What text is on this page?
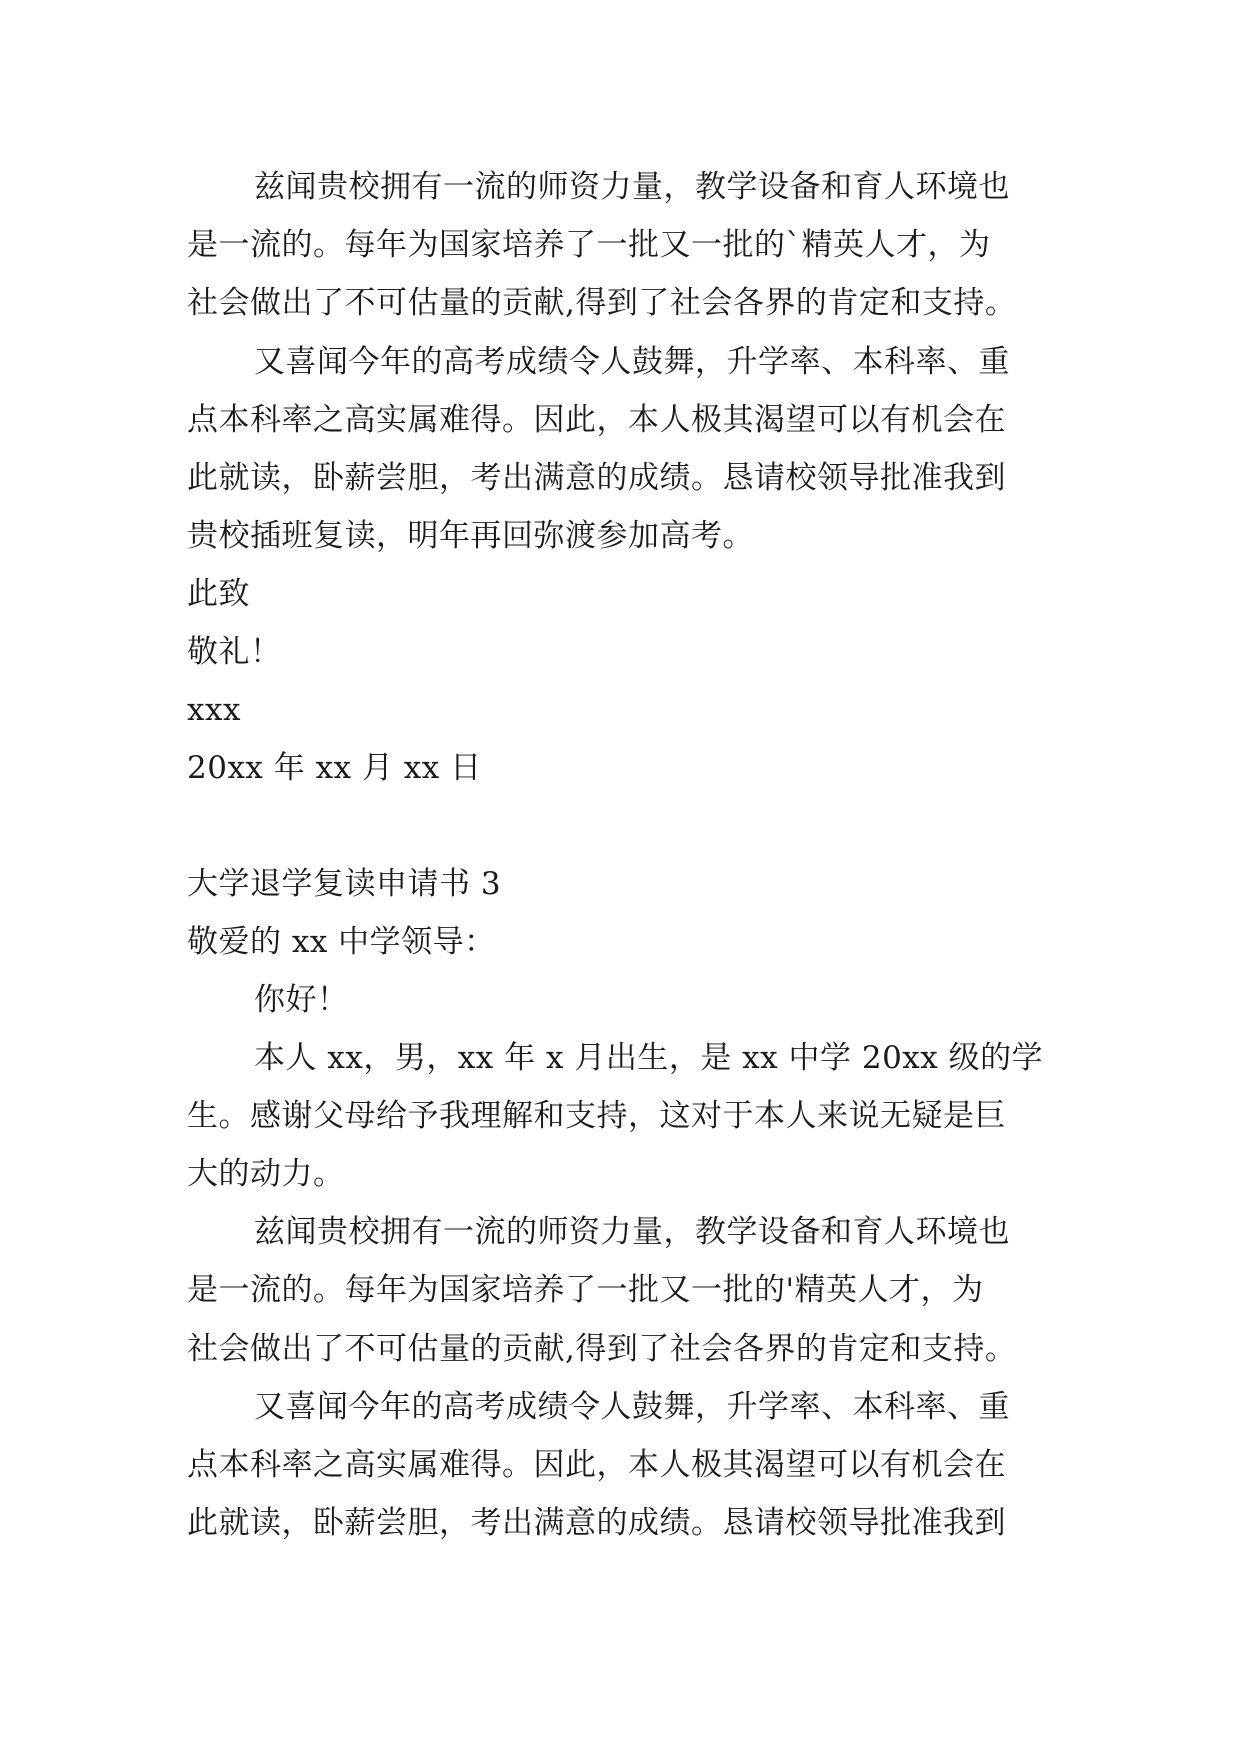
兹闻贵校拥有一流的师资力量，教学设备和育人环境也
是一流的。每年为国家培养了一批又一批的`精英人才，为
社会做出了不可估量的贡献,得到了社会各界的肯定和支持。
又喜闻今年的高考成绩令人鼓舞，升学率、本科率、重
点本科率之高实属难得。因此，本人极其渴望可以有机会在
此就读，卧薪尝胆，考出满意的成绩。恳请校领导批准我到
贵校插班复读，明年再回弥渡参加高考。
此致
敬礼！
xxx
20xx 年 xx 月 xx 日
大学退学复读申请书 3
敬爱的 xx 中学领导：
你好！
本人 xx，男，xx 年 x 月出生，是 xx 中学 20xx 级的学
生。感谢父母给予我理解和支持，这对于本人来说无疑是巨
大的动力。
兹闻贵校拥有一流的师资力量，教学设备和育人环境也
是一流的。每年为国家培养了一批又一批的'精英人才，为
社会做出了不可估量的贡献,得到了社会各界的肯定和支持。
又喜闻今年的高考成绩令人鼓舞，升学率、本科率、重
点本科率之高实属难得。因此，本人极其渴望可以有机会在
此就读，卧薪尝胆，考出满意的成绩。恳请校领导批准我到
